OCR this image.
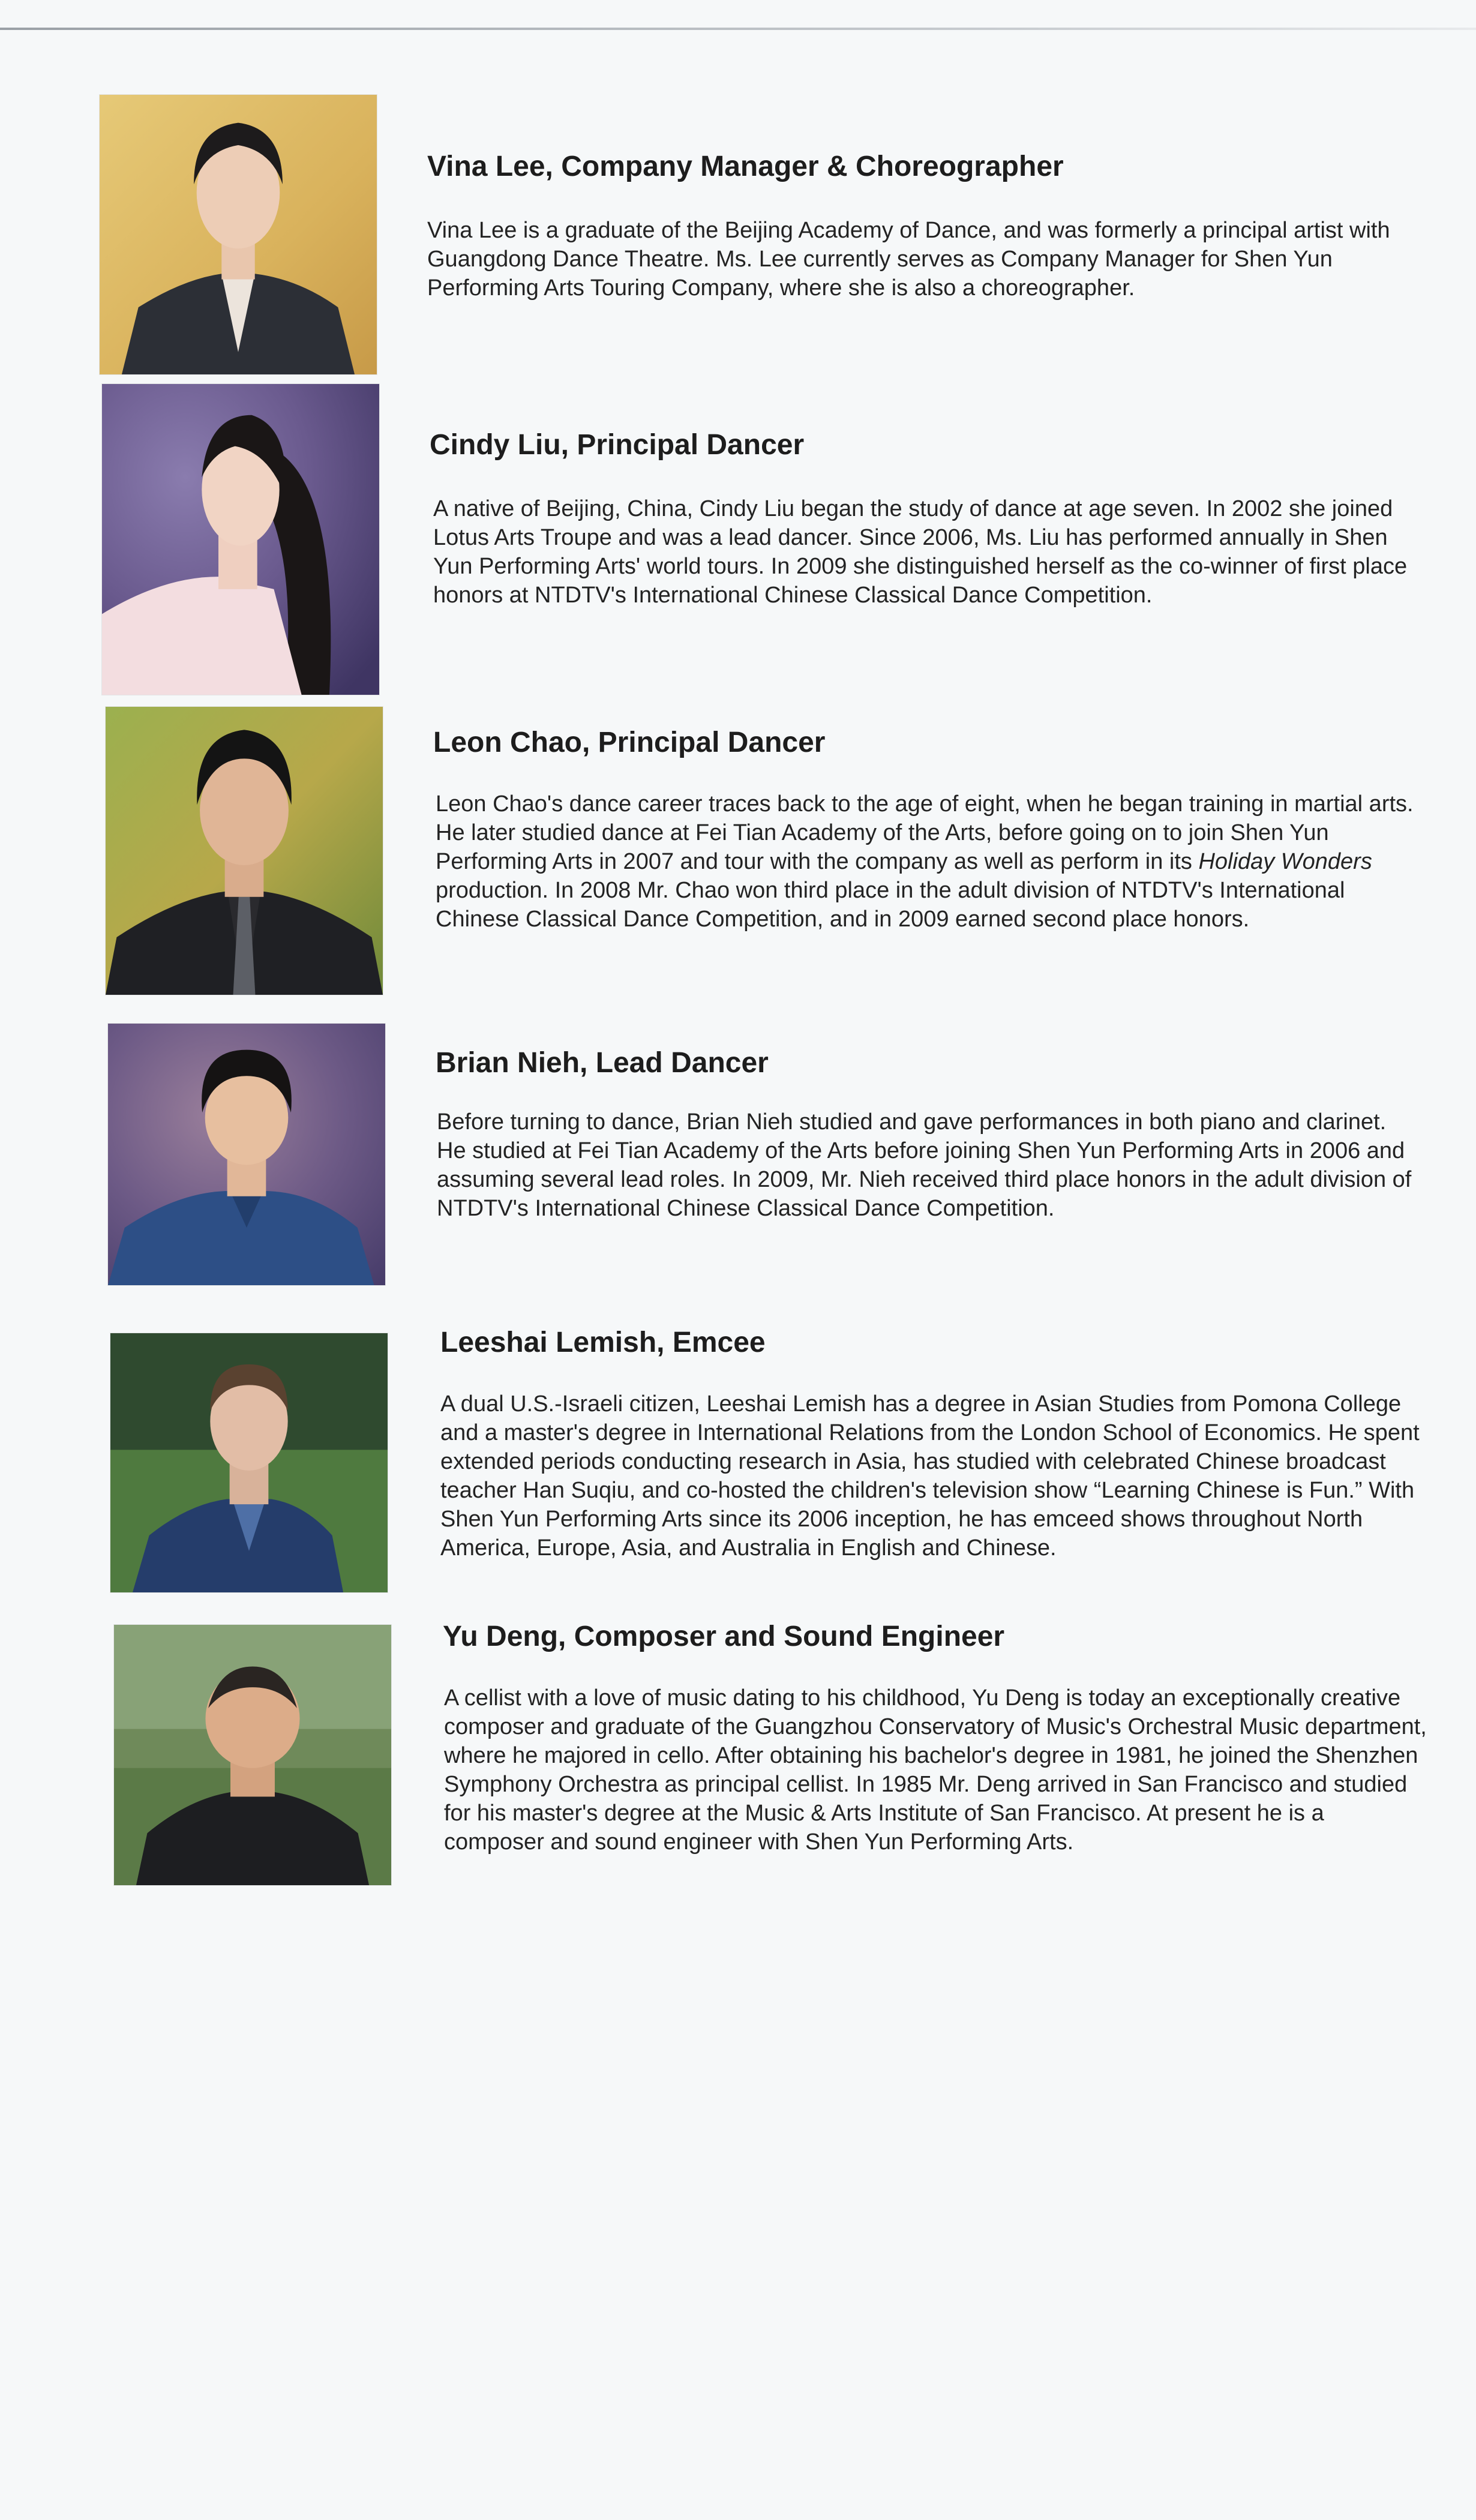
Vina Lee, Company Manager & Choreographer

Vina Lee is a graduate of the Beijing Academy of Dance, and was formerly a principal artist with Guangdong Dance Theatre. Ms. Lee currently serves as Company Manager for Shen Yun Performing Arts Touring Company, where she is also a choreographer.

Cindy Liu, Principal Dancer

A native of Beijing, China, Cindy Liu began the study of dance at age seven. In 2002 she joined Lotus Arts Troupe and was a lead dancer. Since 2006, Ms. Liu has performed annually in Shen Yun Performing Arts' world tours. In 2009 she distinguished herself as the co-winner of first place honors at NTDTV's International Chinese Classical Dance Competition.

Leon Chao, Principal Dancer

Leon Chao's dance career traces back to the age of eight, when he began training in martial arts. He later studied dance at Fei Tian Academy of the Arts, before going on to join Shen Yun Performing Arts in 2007 and tour with the company as well as perform in its Holiday Wonders production. In 2008 Mr. Chao won third place in the adult division of NTDTV's International Chinese Classical Dance Competition, and in 2009 earned second place honors.

Brian Nieh, Lead Dancer

Before turning to dance, Brian Nieh studied and gave performances in both piano and clarinet. He studied at Fei Tian Academy of the Arts before joining Shen Yun Performing Arts in 2006 and assuming several lead roles. In 2009, Mr. Nieh received third place honors in the adult division of NTDTV's International Chinese Classical Dance Competition.

Leeshai Lemish, Emcee

A dual U.S.-Israeli citizen, Leeshai Lemish has a degree in Asian Studies from Pomona College and a master's degree in International Relations from the London School of Economics. He spent extended periods conducting research in Asia, has studied with celebrated Chinese broadcast teacher Han Suqiu, and co-hosted the children's television show “Learning Chinese is Fun.” With Shen Yun Performing Arts since its 2006 inception, he has emceed shows throughout North America, Europe, Asia, and Australia in English and Chinese.

Yu Deng, Composer and Sound Engineer

A cellist with a love of music dating to his childhood, Yu Deng is today an exceptionally creative composer and graduate of the Guangzhou Conservatory of Music's Orchestral Music department, where he majored in cello. After obtaining his bachelor's degree in 1981, he joined the Shenzhen Symphony Orchestra as principal cellist. In 1985 Mr. Deng arrived in San Francisco and studied for his master's degree at the Music & Arts Institute of San Francisco. At present he is a composer and sound engineer with Shen Yun Performing Arts.
